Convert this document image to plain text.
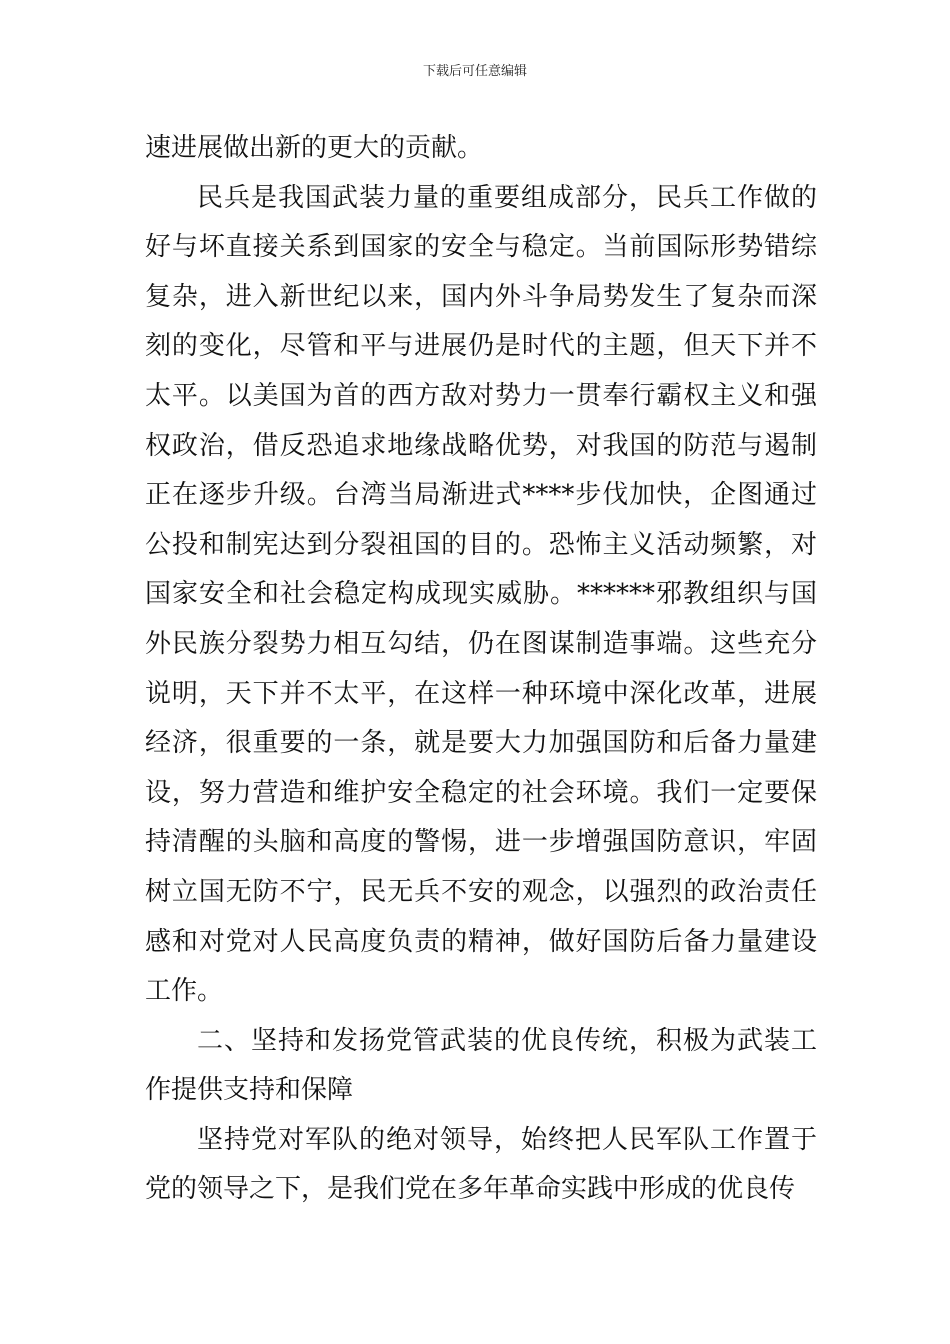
下载后可任意编辑

速进展做出新的更大的贡献。

民兵是我国武装力量的重要组成部分，民兵工作做的好与坏直接关系到国家的安全与稳定。当前国际形势错综复杂，进入新世纪以来，国内外斗争局势发生了复杂而深刻的变化，尽管和平与进展仍是时代的主题，但天下并不太平。以美国为首的西方敌对势力一贯奉行霸权主义和强权政治，借反恐追求地缘战略优势，对我国的防范与遏制正在逐步升级。台湾当局渐进式****步伐加快，企图通过公投和制宪达到分裂祖国的目的。恐怖主义活动频繁，对国家安全和社会稳定构成现实威胁。******邪教组织与国外民族分裂势力相互勾结，仍在图谋制造事端。这些充分说明，天下并不太平，在这样一种环境中深化改革，进展经济，很重要的一条，就是要大力加强国防和后备力量建设，努力营造和维护安全稳定的社会环境。我们一定要保持清醒的头脑和高度的警惕，进一步增强国防意识，牢固树立国无防不宁，民无兵不安的观念，以强烈的政治责任感和对党对人民高度负责的精神，做好国防后备力量建设工作。

二、坚持和发扬党管武装的优良传统，积极为武装工作提供支持和保障

坚持党对军队的绝对领导，始终把人民军队工作置于党的领导之下，是我们党在多年革命实践中形成的优良传
